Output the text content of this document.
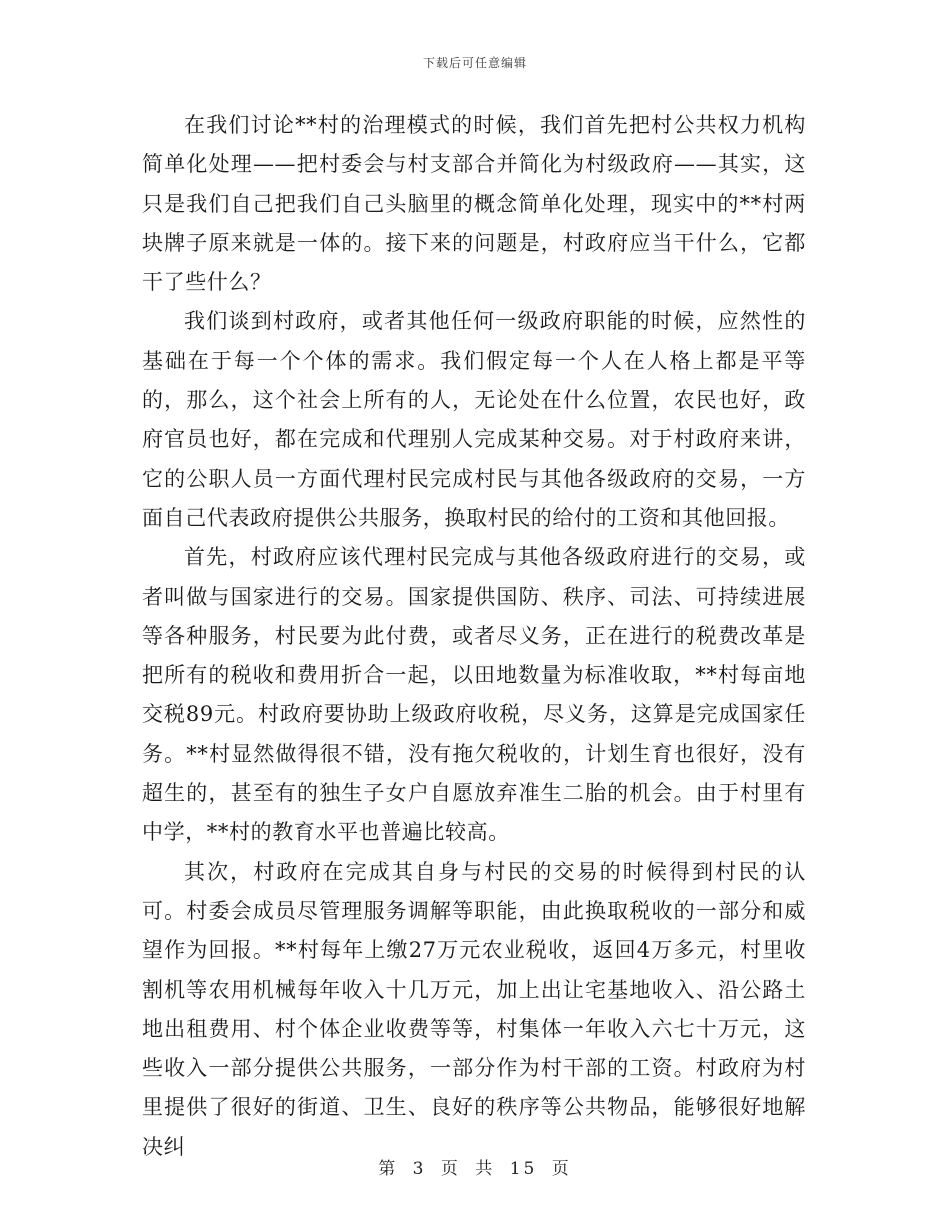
下载后可任意编辑

在我们讨论**村的治理模式的时候，我们首先把村公共权力机构简单化处理——把村委会与村支部合并简化为村级政府——其实，这只是我们自己把我们自己头脑里的概念简单化处理，现实中的**村两块牌子原来就是一体的。接下来的问题是，村政府应当干什么，它都干了些什么？

我们谈到村政府，或者其他任何一级政府职能的时候，应然性的基础在于每一个个体的需求。我们假定每一个人在人格上都是平等的，那么，这个社会上所有的人，无论处在什么位置，农民也好，政府官员也好，都在完成和代理别人完成某种交易。对于村政府来讲，它的公职人员一方面代理村民完成村民与其他各级政府的交易，一方面自己代表政府提供公共服务，换取村民的给付的工资和其他回报。

首先，村政府应该代理村民完成与其他各级政府进行的交易，或者叫做与国家进行的交易。国家提供国防、秩序、司法、可持续进展等各种服务，村民要为此付费，或者尽义务，正在进行的税费改革是把所有的税收和费用折合一起，以田地数量为标准收取，**村每亩地交税89元。村政府要协助上级政府收税，尽义务，这算是完成国家任务。**村显然做得很不错，没有拖欠税收的，计划生育也很好，没有超生的，甚至有的独生子女户自愿放弃准生二胎的机会。由于村里有中学，**村的教育水平也普遍比较高。

其次，村政府在完成其自身与村民的交易的时候得到村民的认可。村委会成员尽管理服务调解等职能，由此换取税收的一部分和威望作为回报。**村每年上缴27万元农业税收，返回4万多元，村里收割机等农用机械每年收入十几万元，加上出让宅基地收入、沿公路土地出租费用、村个体企业收费等等，村集体一年收入六七十万元，这些收入一部分提供公共服务，一部分作为村干部的工资。村政府为村里提供了很好的街道、卫生、良好的秩序等公共物品，能够很好地解决纠

第 3 页 共 15 页
